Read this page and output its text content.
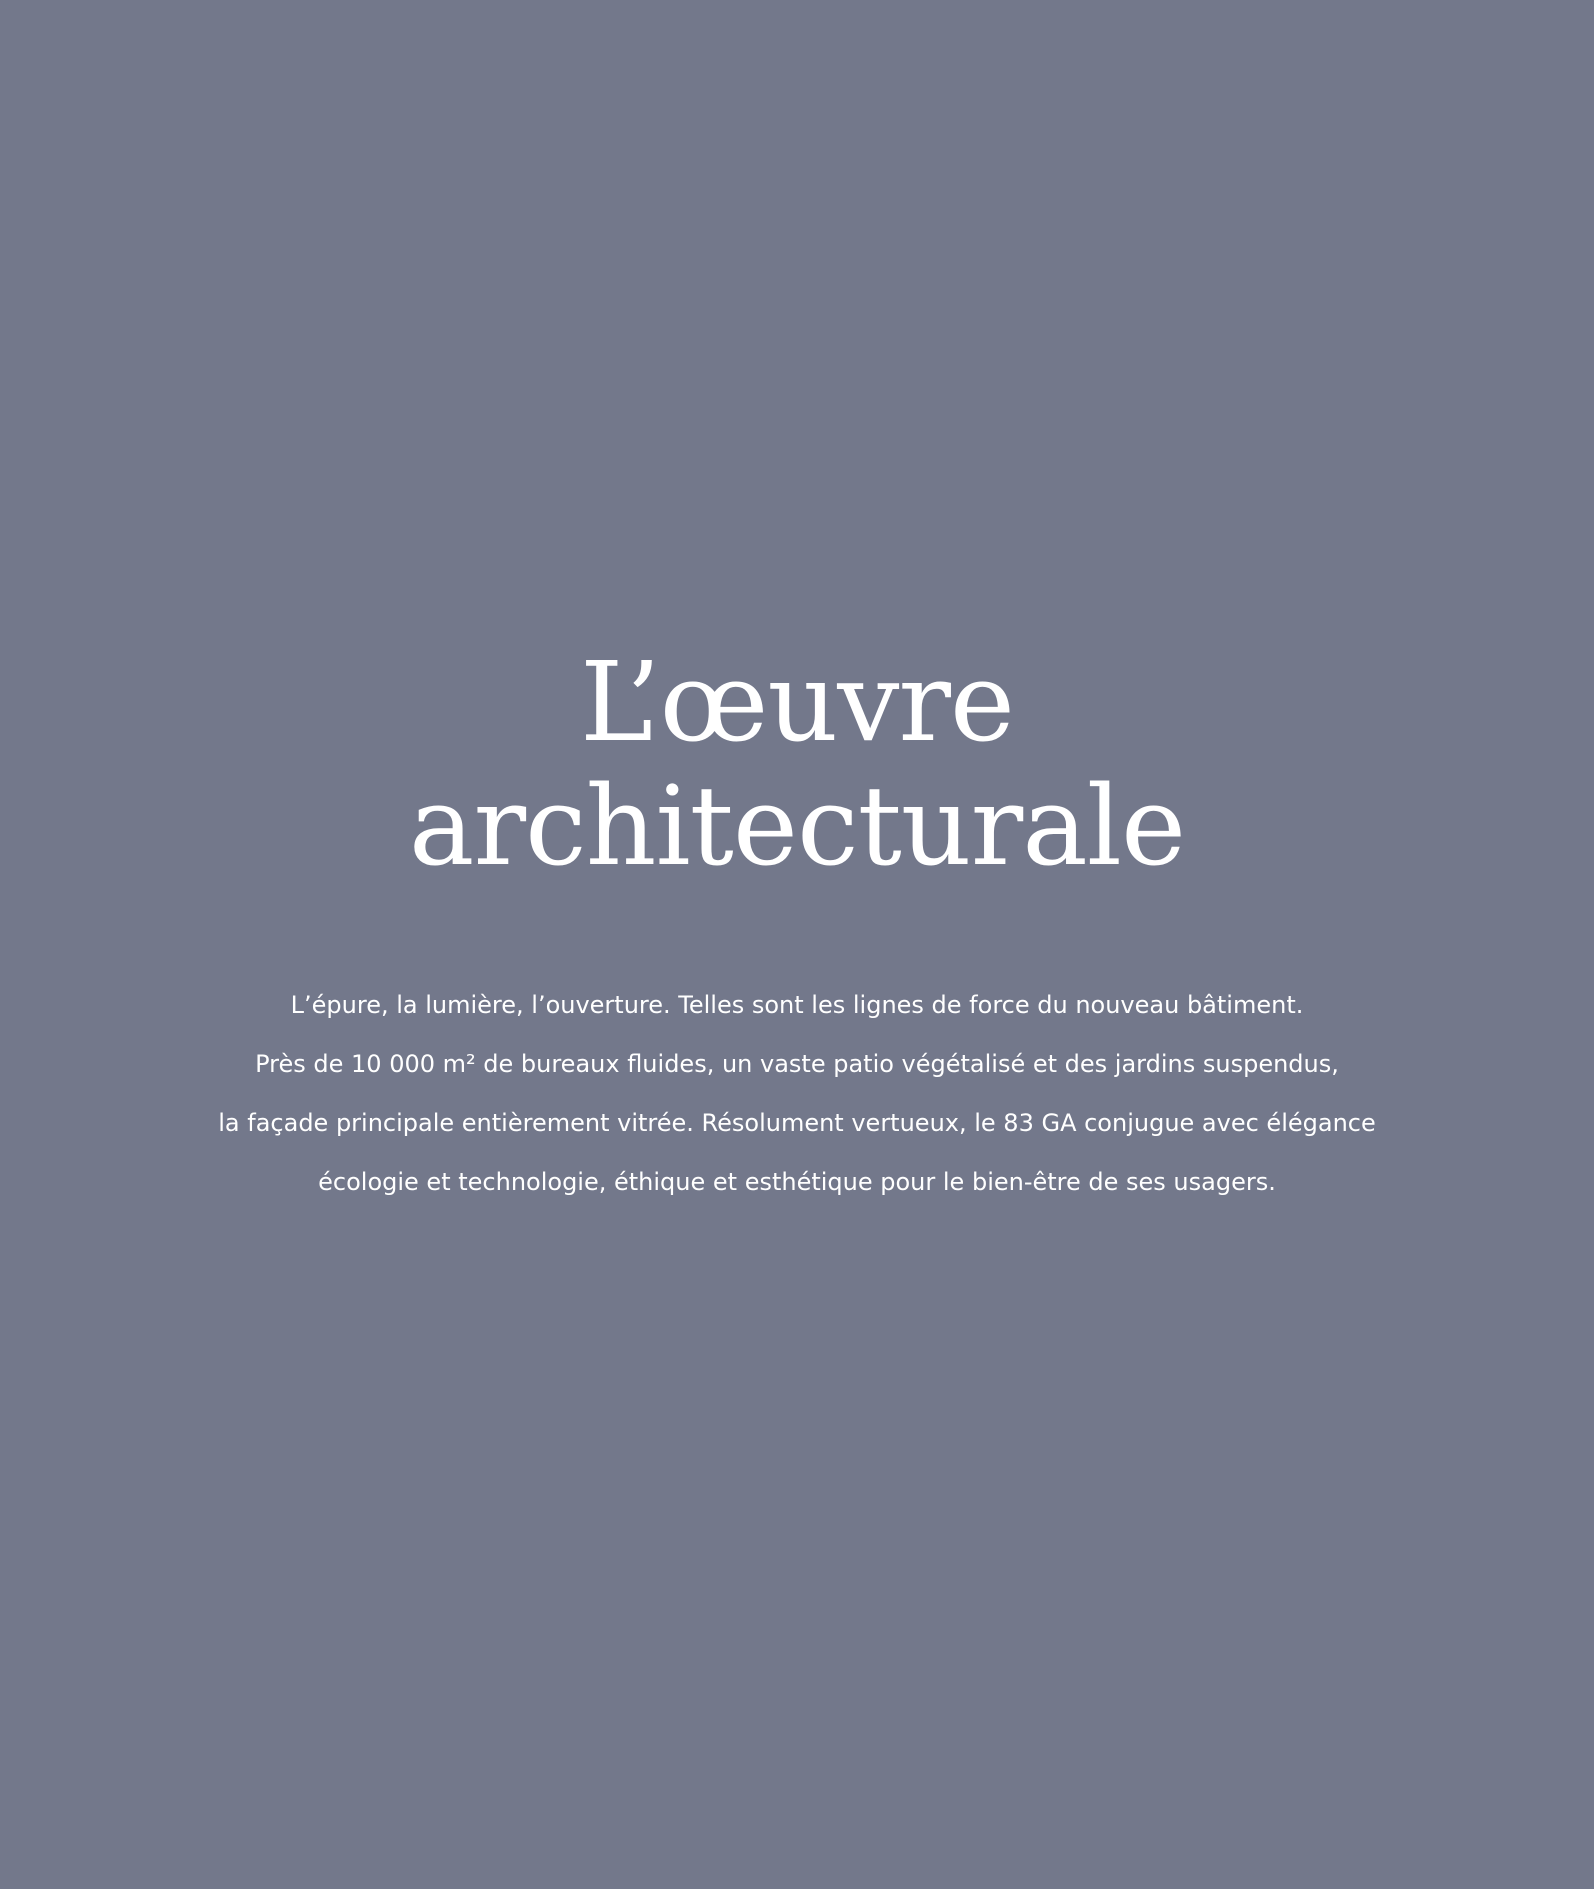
L’œuvre
architecturale
L’épure, la lumière, l’ouverture. Telles sont les lignes de force du nouveau bâtiment.
Près de 10 000 m² de bureaux fluides, un vaste patio végétalisé et des jardins suspendus,
la façade principale entièrement vitrée. Résolument vertueux, le 83 GA conjugue avec élégance
écologie et technologie, éthique et esthétique pour le bien-être de ses usagers.
